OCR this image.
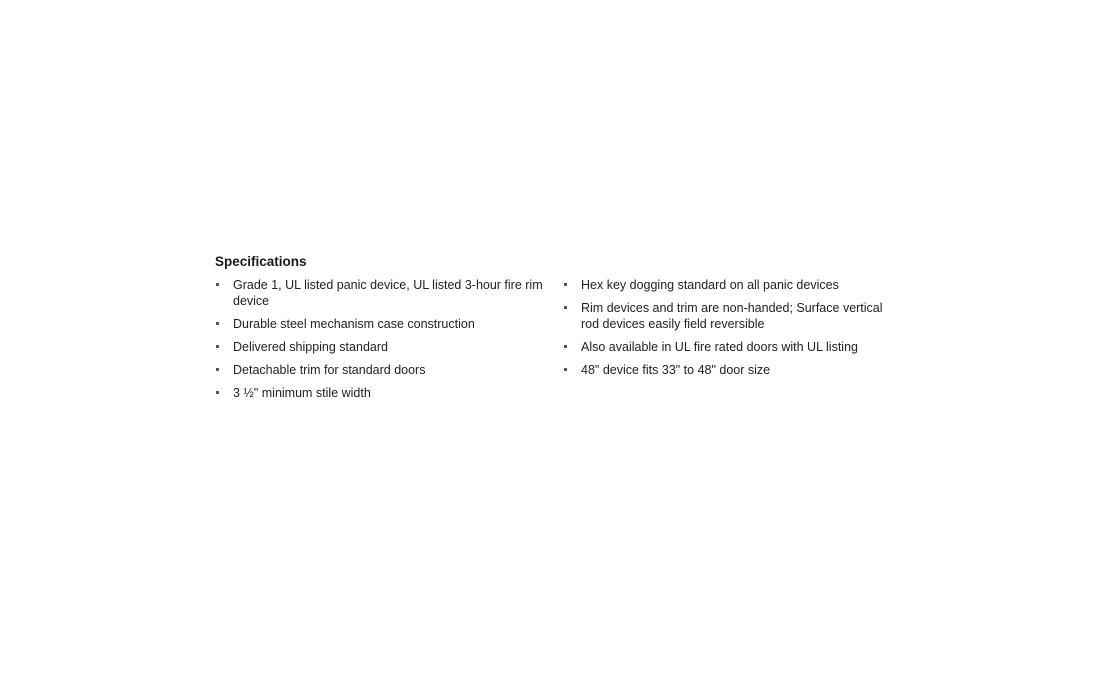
Specifications
Grade 1, UL listed panic device, UL listed 3-hour fire rim device
Durable steel mechanism case construction
Delivered shipping standard
Detachable trim for standard doors
3 ½" minimum stile width
Hex key dogging standard on all panic devices
Rim devices and trim are non-handed; Surface vertical rod devices easily field reversible
Also available in UL fire rated doors with UL listing
48" device fits 33" to 48" door size
